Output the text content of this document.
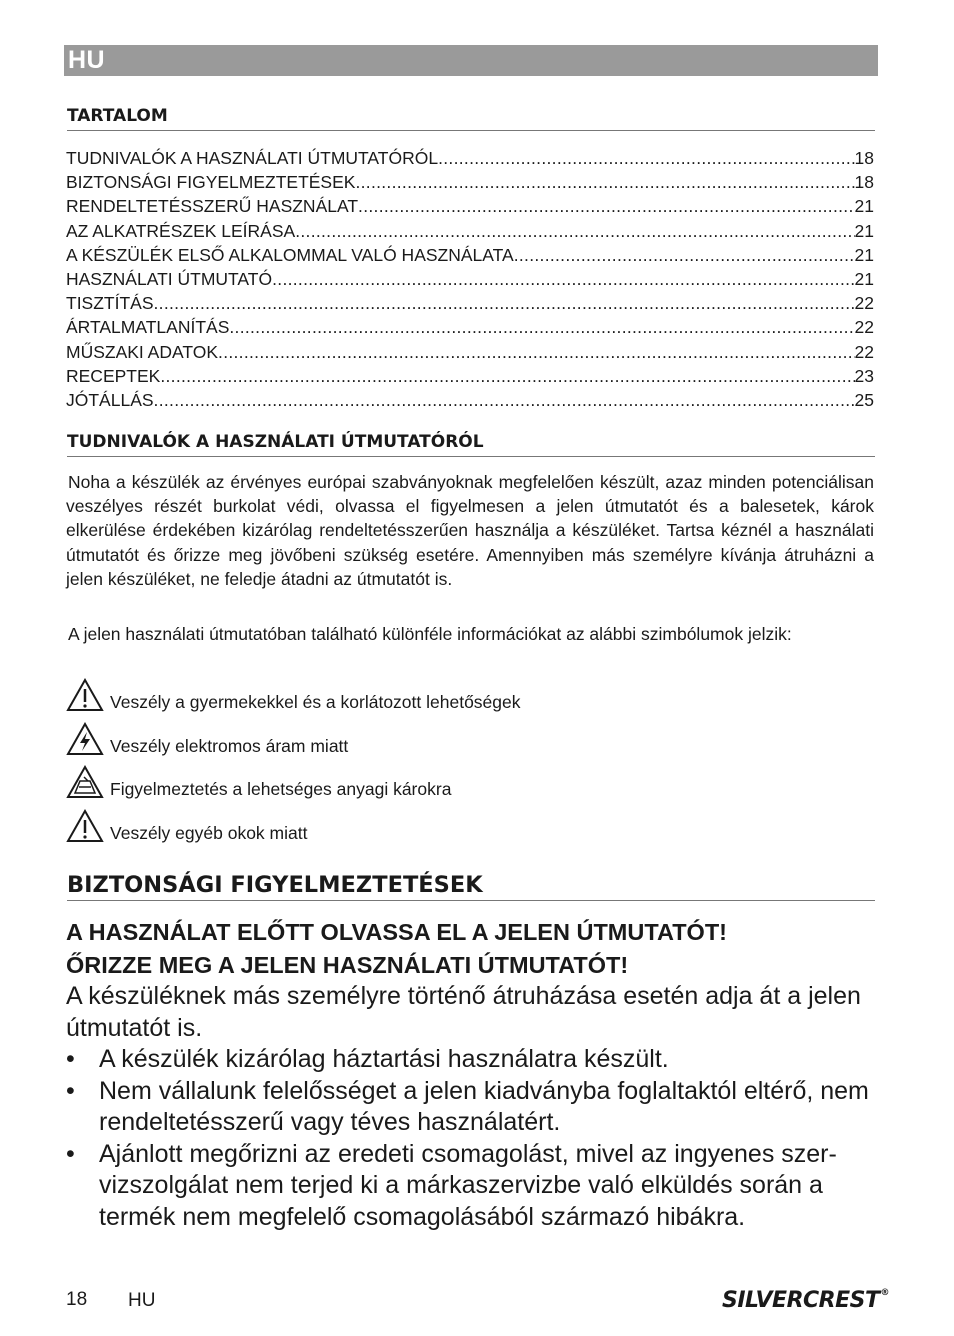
HU
TARTALOM
TUDNIVALÓK A HASZNÁLATI ÚTMUTATÓRÓL .....	18
BIZTONSÁGI FIGYELMEZTETÉSEK .....	18
RENDELTETÉSSZERŰ HASZNÁLAT .....	21
AZ ALKATRÉSZEK LEÍRÁSA .....	21
A KÉSZÜLÉK ELSŐ ALKALOMMAL VALÓ HASZNÁLATA .....	21
HASZNÁLATI ÚTMUTATÓ .....	21
TISZTÍTÁS .....	22
ÁRTALMATLANÍTÁS .....	22
MŰSZAKI ADATOK .....	22
RECEPTEK .....	23
JÓTÁLLÁS .....	25
TUDNIVALÓK A HASZNÁLATI ÚTMUTATÓRÓL
Noha a készülék az érvényes európai szabványoknak megfelelően készült, azaz minden potenciálisan veszélyes részét burkolat védi, olvassa el figyelmesen a jelen útmutatót és a balesetek, károk elkerülése érdekében kizárólag rendeltetésszerűen használja a készüléket. Tartsa kéznél a használati útmutatót és őrizze meg jövőbeni szükség esetére. Amennyiben más személyre kívánja átruházni a jelen készüléket, ne feledje átadni az útmutatót is.
A jelen használati útmutatóban található különféle információkat az alábbi szimbólumok jelzik:
Veszély a gyermekekkel és a korlátozott lehetőségek
Veszély elektromos áram miatt
Figyelmeztetés a lehetséges anyagi károkra
Veszély egyéb okok miatt
BIZTONSÁGI FIGYELMEZTETÉSEK
A HASZNÁLAT ELŐTT OLVASSA EL A JELEN ÚTMUTATÓT!
ŐRIZZE MEG A JELEN HASZNÁLATI ÚTMUTATÓT!
A készüléknek más személyre történő átruházása esetén adja át a jelen útmutatót is.
• A készülék kizárólag háztartási használatra készült.
• Nem vállalunk felelősséget a jelen kiadványba foglaltaktól eltérő, nem rendeltetésszerű vagy téves használatért.
• Ajánlott megőrizni az eredeti csomagolást, mivel az ingyenes szer-vizszolgálat nem terjed ki a márkaszervizbe való elküldés során a termék nem megfelelő csomagolásából származó hibákra.
18 HU	SILVERCREST®
